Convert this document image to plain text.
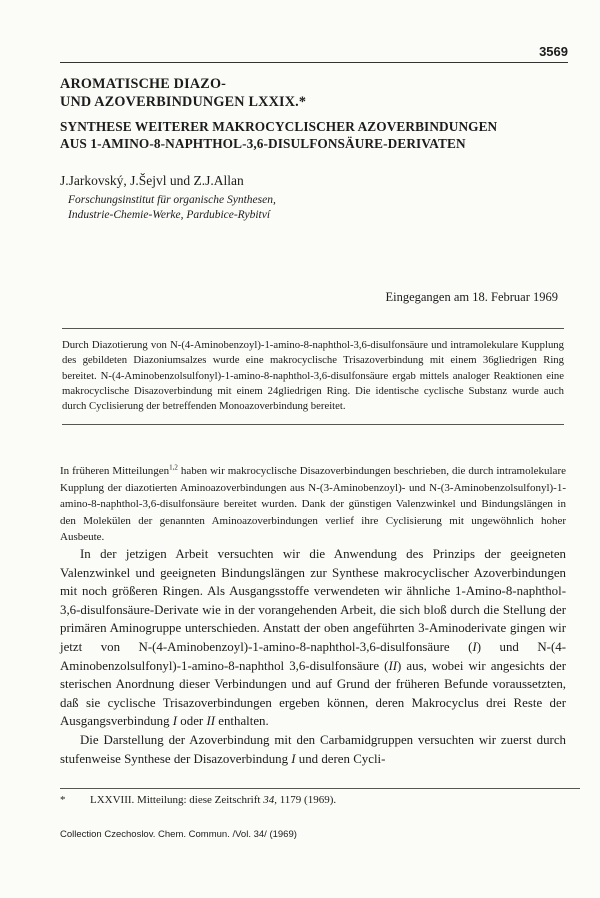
3569
AROMATISCHE DIAZO-
UND AZOVERBINDUNGEN LXXIX.*
SYNTHESE WEITERER MAKROCYCLISCHER AZOVERBINDUNGEN
AUS 1-AMINO-8-NAPHTHOL-3,6-DISULFONSÄURE-DERIVATEN
J.Jarkovský, J.Šejvl und Z.J.Allan
Forschungsinstitut für organische Synthesen,
Industrie-Chemie-Werke, Pardubice-Rybitví
Eingegangen am 18. Februar 1969
Durch Diazotierung von N-(4-Aminobenzoyl)-1-amino-8-naphthol-3,6-disulfonsäure und intramolekulare Kupplung des gebildeten Diazoniumsalzes wurde eine makrocyclische Trisazoverbindung mit einem 36gliedrigen Ring bereitet. N-(4-Aminobenzolsulfonyl)-1-amino-8-naphthol-3,6-disulfonsäure ergab mittels analoger Reaktionen eine makrocyclische Disazoverbindung mit einem 24gliedrigen Ring. Die identische cyclische Substanz wurde auch durch Cyclisierung der betreffenden Monoazoverbindung bereitet.
In früheren Mitteilungen$^{1,2}$ haben wir makrocyclische Disazoverbindungen beschrieben, die durch intramolekulare Kupplung der diazotierten Aminoazoverbindungen aus N-(3-Aminobenzoyl)- und N-(3-Aminobenzolsulfonyl)-1-amino-8-naphthol-3,6-disulfonsäure bereitet wurden. Dank der günstigen Valenzwinkel und Bindungslängen in den Molekülen der genannten Aminoazoverbindungen verlief ihre Cyclisierung mit ungewöhnlich hoher Ausbeute.

In der jetzigen Arbeit versuchten wir die Anwendung des Prinzips der geeigneten Valenzwinkel und geeigneten Bindungslängen zur Synthese makrocyclischer Azoverbindungen mit noch größeren Ringen. Als Ausgangsstoffe verwendeten wir ähnliche 1-Amino-8-naphthol-3,6-disulfonsäure-Derivate wie in der vorangehenden Arbeit, die sich bloß durch die Stellung der primären Aminogruppe unterschieden. Anstatt der oben angeführten 3-Aminoderivate gingen wir jetzt von N-(4-Aminobenzoyl)-1-amino-8-naphthol-3,6-disulfonsäure (I) und N-(4-Aminobenzolsulfonyl)-1-amino-8-naphthol 3,6-disulfonsäure (II) aus, wobei wir angesichts der sterischen Anordnung dieser Verbindungen und auf Grund der früheren Befunde voraussetzten, daß sie cyclische Trisazoverbindungen ergeben können, deren Makrocyclus drei Reste der Ausgangsverbindung I oder II enthalten.

Die Darstellung der Azoverbindung mit den Carbamidgruppen versuchten wir zuerst durch stufenweise Synthese der Disazoverbindung I und deren Cycli-

* LXXVIII. Mitteilung: diese Zeitschrift 34, 1179 (1969).
Collection Czechoslov. Chem. Commun. /Vol. 34/ (1969)
